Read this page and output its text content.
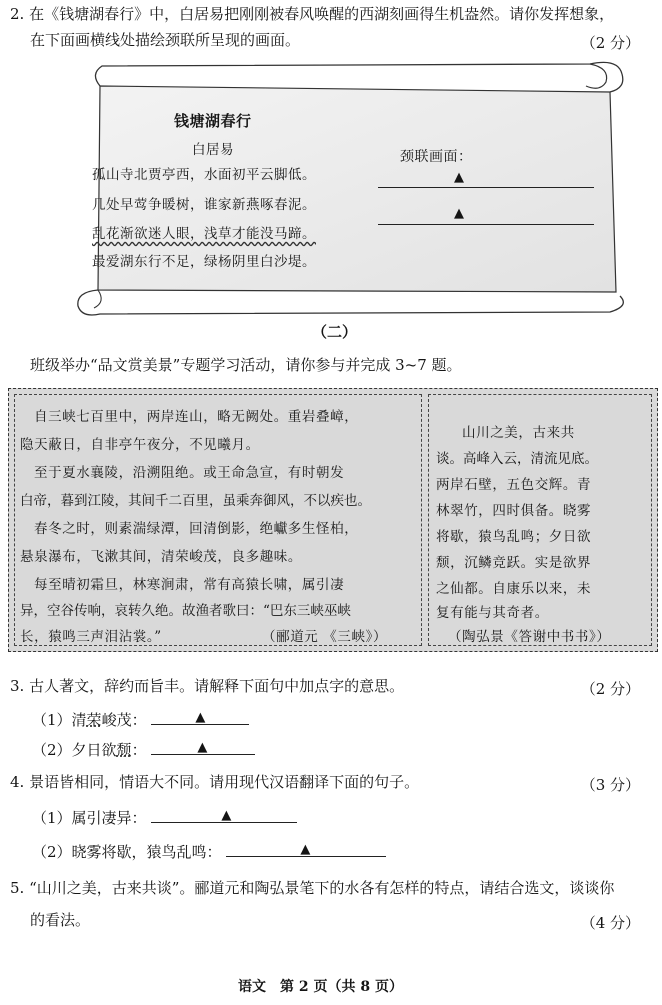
2. 在《钱塘湖春行》中，白居易把刚刚被春风唤醒的西湖刻画得生机盎然。请你发挥想象，
在下面画横线处描绘颈联所呈现的画面。	（2 分）
钱塘湖春行
白居易
孤山寺北贾亭西，水面初平云脚低。
几处早莺争暖树，谁家新燕啄春泥。
乱花渐欲迷人眼，浅草才能没马蹄。
最爱湖东行不足，绿杨阴里白沙堤。
颈联画面：
▲
▲
（二）
班级举办“品文赏美景”专题学习活动，请你参与并完成 3~7 题。
自三峡七百里中，两岸连山，略无阙处。重岩叠嶂，
隐天蔽日，自非亭午夜分，不见曦月。
至于夏水襄陵，沿溯阻绝。或王命急宣，有时朝发
白帝，暮到江陵，其间千二百里，虽乘奔御风，不以疾也。
春冬之时，则素湍绿潭，回清倒影，绝巘多生怪柏，
悬泉瀑布，飞漱其间，清荣峻茂，良多趣味。
每至晴初霜旦，林寒涧肃，常有高猿长啸，属引凄
异，空谷传响，哀转久绝。故渔者歌曰：“巴东三峡巫峡
长，猿鸣三声泪沾裳。”	（郦道元 《三峡》）
山川之美，古来共
谈。高峰入云，清流见底。
两岸石壁，五色交辉。青
林翠竹，四时俱备。晓雾
将歇，猿鸟乱鸣；夕日欲
颓，沉鳞竞跃。实是欲界
之仙都。自康乐以来，未
复有能与其奇者。
（陶弘景《答谢中书书》）
3. 古人著文，辞约而旨丰。请解释下面句中加点字的意思。	（2 分）
（1）清荣峻茂：	▲
（2）夕日欲颓：	▲
4. 景语皆相同，情语大不同。请用现代汉语翻译下面的句子。	（3 分）
（1）属引凄异：	▲
（2）晓雾将歇，猿鸟乱鸣：	▲
5. “山川之美，古来共谈”。郦道元和陶弘景笔下的水各有怎样的特点，请结合选文，谈谈你
的看法。	（4 分）
语文　第 2 页（共 8 页）
